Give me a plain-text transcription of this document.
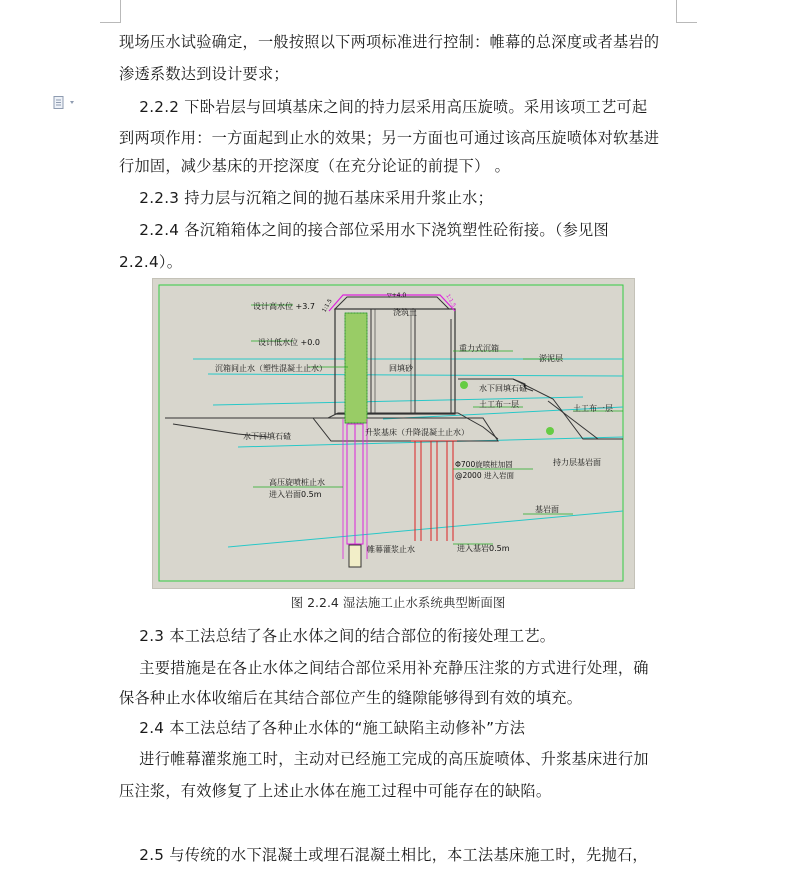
现场压水试验确定，一般按照以下两项标准进行控制：帷幕的总深度或者基岩的
渗透系数达到设计要求；
2.2.2 下卧岩层与回填基床之间的持力层采用高压旋喷。采用该项工艺可起
到两项作用：一方面起到止水的效果；另一方面也可通过该高压旋喷体对软基进
行加固，减少基床的开挖深度（在充分论证的前提下） 。
2.2.3 持力层与沉箱之间的抛石基床采用升浆止水；
2.2.4 各沉箱箱体之间的接合部位采用水下浇筑塑性砼衔接。（参见图
2.2.4）。
设计高水位 +3.7
设计低水位 +0.0
沉箱间止水（塑性混凝土止水）
浇筑土
回填砂
重力式沉箱
淤泥层
水下回填石碴
土工布一层	土工布一层
水下回填石碴	升浆基床（升降混凝土止水）
持力层基岩面
高压旋喷桩止水
进入岩面0.5m
Φ700旋喷桩加固
@2000 进入岩面
基岩面
帷幕灌浆止水	进入基岩0.5m
1:1.5	1:1.5
▽+4.0
图 2.2.4 湿法施工止水系统典型断面图
2.3 本工法总结了各止水体之间的结合部位的衔接处理工艺。
主要措施是在各止水体之间结合部位采用补充静压注浆的方式进行处理，确
保各种止水体收缩后在其结合部位产生的缝隙能够得到有效的填充。
2.4 本工法总结了各种止水体的“施工缺陷主动修补”方法
进行帷幕灌浆施工时，主动对已经施工完成的高压旋喷体、升浆基床进行加
压注浆，有效修复了上述止水体在施工过程中可能存在的缺陷。
2.5 与传统的水下混凝土或埋石混凝土相比，本工法基床施工时，先抛石，
